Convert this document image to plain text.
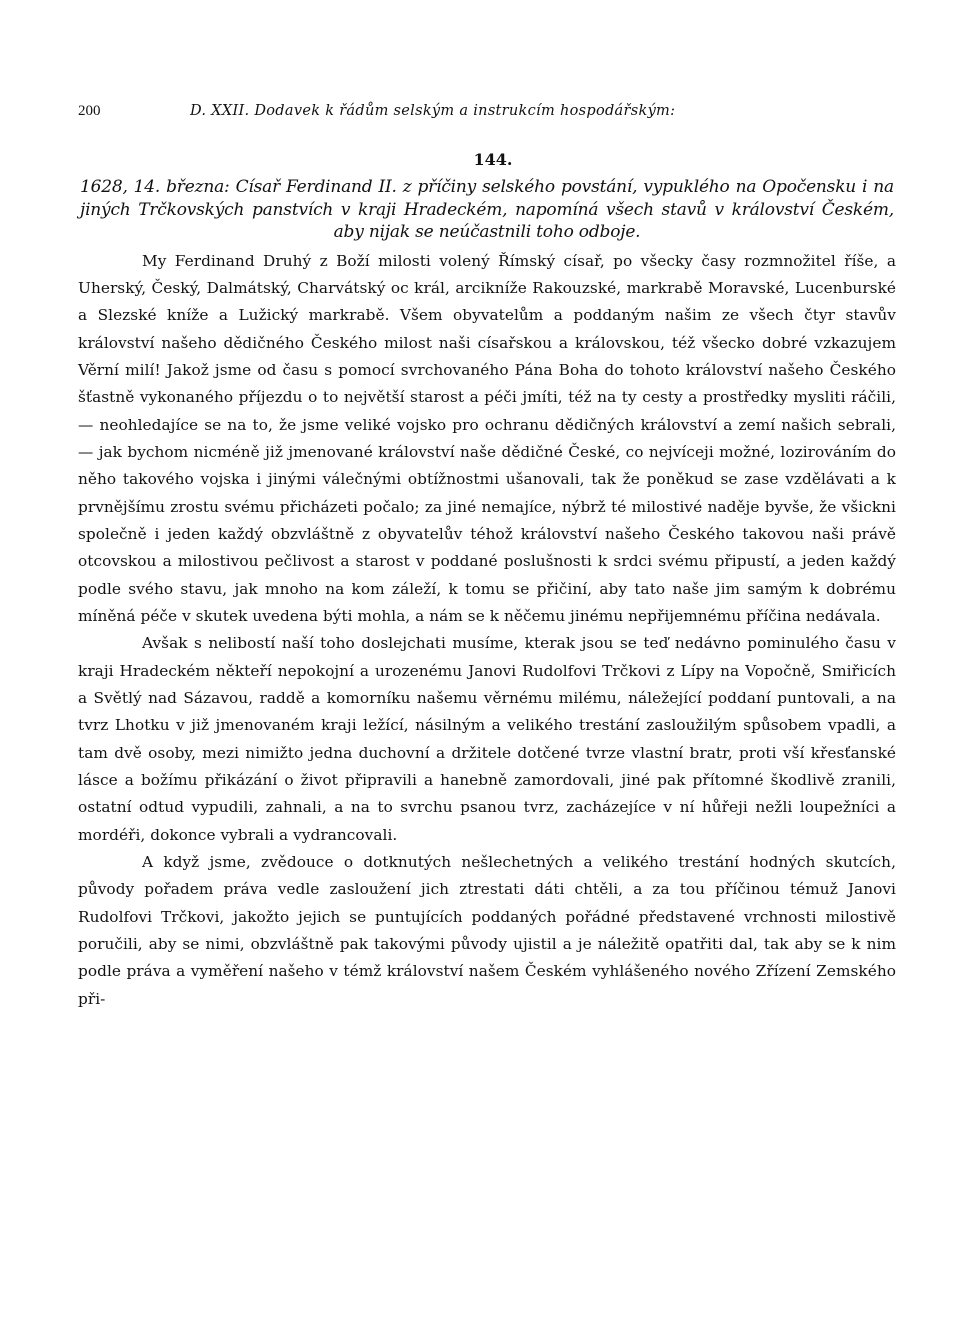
200	D. XXII. Dodavek k řádům selským a instrukcím hospodářským:
144.
1628, 14. března: Císař Ferdinand II. z příčiny selského povstání, vypuklého na Opočensku i na jiných Trčkovských panstvích v kraji Hradeckém, napomíná všech stavů v království Českém, aby nijak se neúčastnili toho odboje.

My Ferdinand Druhý z Boží milosti volený Římský císař, po všecky časy rozmnožitel říše, a Uherský, Český, Dalmátský, Charvátský oc král, arcikníže Rakouzské, markrabě Moravské, Lucenburské a Slezské kníže a Lužický markrabě. Všem obyvatelům a poddaným našim ze všech čtyr stavův království našeho dědičného Českého milost naši císařskou a královskou, též všecko dobré vzkazujem Věrní milí! Jakož jsme od času s pomocí svrchovaného Pána Boha do tohoto království našeho Českého šťastně vykonaného příjezdu o to největší starost a péči jmíti, též na ty cesty a prostředky mysliti ráčili, — neohledajíce se na to, že jsme veliké vojsko pro ochranu dědičných království a zemí našich sebrali, — jak bychom nicméně již jmenované království naše dědičné České, co nejvíceji možné, lozirováním do něho takového vojska i jinými válečnými obtížnostmi ušanovali, tak že poněkud se zase vzdělávati a k prvnějšímu zrostu svému přicházeti počalo; za jiné nemajíce, nýbrž té milostivé naděje byvše, že všickni společně i jeden každý obzvláštně z obyvatelův téhož království našeho Českého takovou naši právě otcovskou a milostivou pečlivost a starost v poddané poslušnosti k srdci svému připustí, a jeden každý podle svého stavu, jak mnoho na kom záleží, k tomu se přičiní, aby tato naše jim samým k dobrému míněná péče v skutek uvedena býti mohla, a nám se k něčemu jinému nepřijemnému příčina nedávala.

Avšak s nelibostí naší toho doslejchati musíme, kterak jsou se teď nedávno pominulého času v kraji Hradeckém někteří nepokojní a urozenému Janovi Rudolfovi Trčkovi z Lípy na Vopočně, Smiřicích a Světlý nad Sázavou, raddě a komorníku našemu věrnému milému, náležející poddaní puntovali, a na tvrz Lhotku v již jmenovaném kraji ležící, násilným a velikého trestání zasloužilým spůsobem vpadli, a tam dvě osoby, mezi nimižto jedna duchovní a držitele dotčené tvrze vlastní bratr, proti vší křesťanské lásce a božímu přikázání o život připravili a hanebně zamordovali, jiné pak přítomné škodlivě zranili, ostatní odtud vypudili, zahnali, a na to svrchu psanou tvrz, zacházejíce v ní hůřeji nežli loupežníci a mordéři, dokonce vybrali a vydrancovali.

A když jsme, zvědouce o dotknutých nešlechetných a velikého trestání hodných skutcích, původy pořadem práva vedle zasloužení jich ztrestati dáti chtěli, a za tou příčinou témuž Janovi Rudolfovi Trčkovi, jakožto jejich se puntujících poddaných pořádné představené vrchnosti milostivě poručili, aby se nimi, obzvláštně pak takovými původy ujistil a je náležitě opatřiti dal, tak aby se k nim podle práva a vyměření našeho v témž království našem Českém vyhlášeného nového Zřízení Zemského při-
